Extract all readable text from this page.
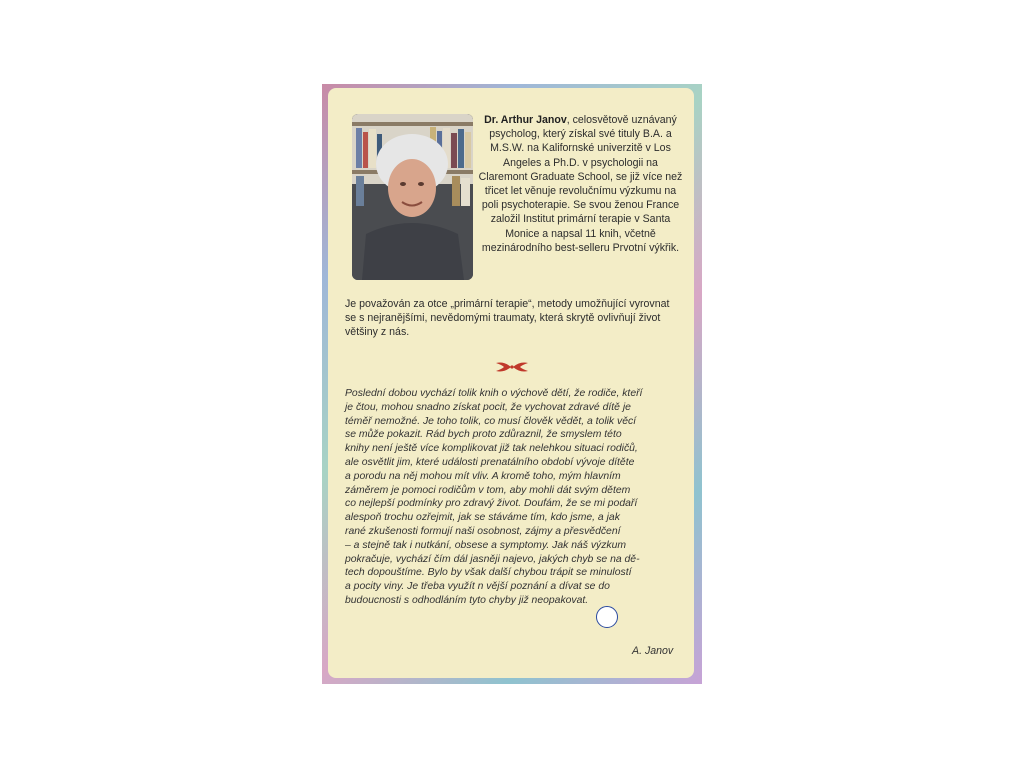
Dr. Arthur Janov, celosvětově uznávaný psycholog, který získal své tituly B.A. a M.S.W. na Kalifornské univerzitě v Los Angeles a Ph.D. v psychologii na Claremont Graduate School, se již více než třicet let věnuje revolučnímu výzkumu na poli psychoterapie. Se svou ženou France založil Institut primární terapie v Santa Monice a napsal 11 knih, včetně mezinárodního best-selleru Prvotní výkřik.
Je považován za otce „primární terapie“, metody umožňující vyrovnat se s nejranějšími, nevědomými traumaty, která skrytě ovlivňují život většiny z nás.
Poslední dobou vychází tolik knih o výchově dětí, že rodiče, kteří
je čtou, mohou snadno získat pocit, že vychovat zdravé dítě je
téměř nemožné. Je toho tolik, co musí člověk vědět, a tolik věcí
se může pokazit. Rád bych proto zdůraznil, že smyslem této
knihy není ještě více komplikovat již tak nelehkou situaci rodičů,
ale osvětlit jim, které události prenatálního období vývoje dítěte
a porodu na něj mohou mít vliv. A kromě toho, mým hlavním
záměrem je pomoci rodičům v tom, aby mohli dát svým dětem
co nejlepší podmínky pro zdravý život. Doufám, že se mi podaří
alespoň trochu ozřejmit, jak se stáváme tím, kdo jsme, a jak
rané zkušenosti formují naši osobnost, zájmy a přesvědčení
– a stejně tak i nutkání, obsese a symptomy. Jak náš výzkum
pokračuje, vychází čím dál jasněji najevo, jakých chyb se na dě-
tech dopouštíme. Bylo by však další chybou trápit se minulostí
a pocity viny. Je třeba využít n vější poznání a dívat se do
budoucnosti s odhodláním tyto chyby již neopakovat.
A. Janov
